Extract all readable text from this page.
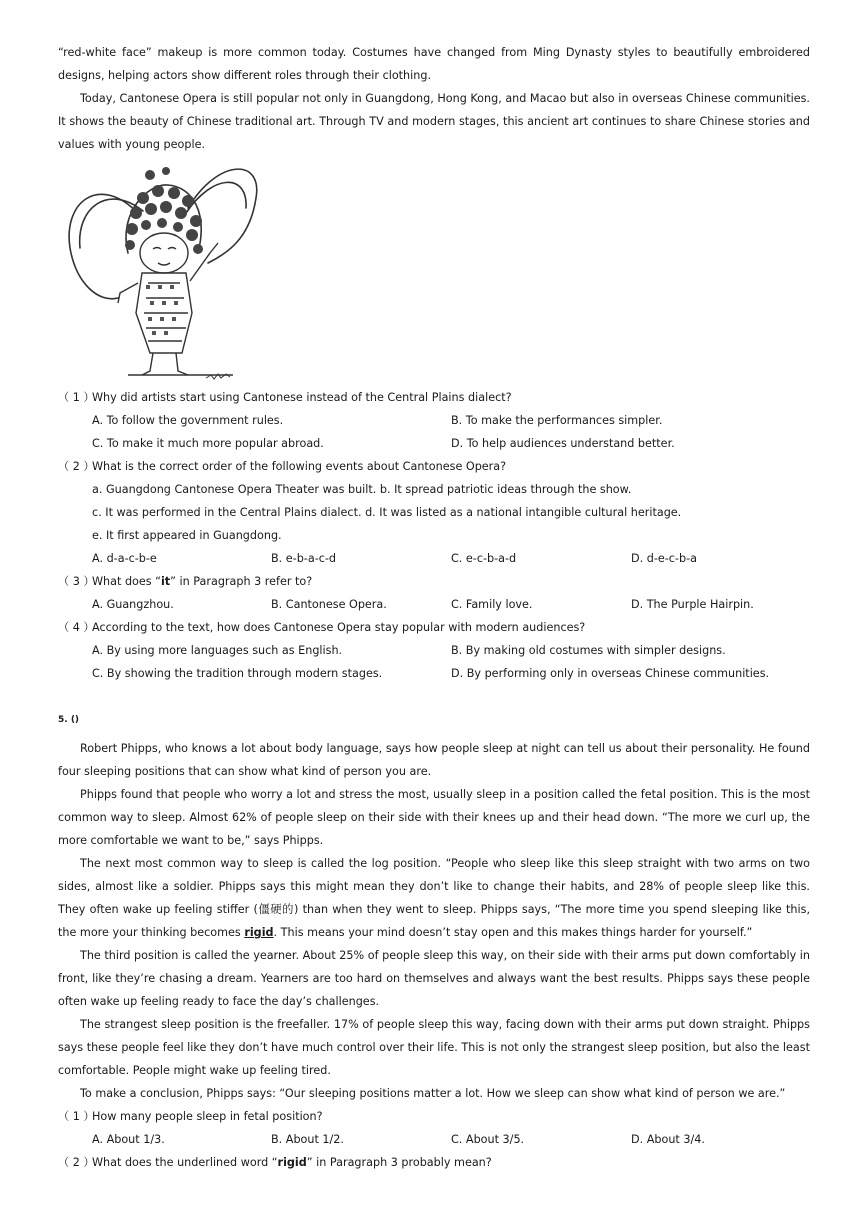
“red-white face” makeup is more common today. Costumes have changed from Ming Dynasty styles to beautifully embroidered designs, helping actors show different roles through their clothing.

Today, Cantonese Opera is still popular not only in Guangdong, Hong Kong, and Macao but also in overseas Chinese communities. It shows the beauty of Chinese traditional art. Through TV and modern stages, this ancient art continues to share Chinese stories and values with young people.

（ 1 ）Why did artists start using Cantonese instead of the Central Plains dialect?
A. To follow the government rules.	B. To make the performances simpler.
C. To make it much more popular abroad.	D. To help audiences understand better.
（ 2 ）What is the correct order of the following events about Cantonese Opera?
a. Guangdong Cantonese Opera Theater was built. b. It spread patriotic ideas through the show.
c. It was performed in the Central Plains dialect. d. It was listed as a national intangible cultural heritage.
e. It first appeared in Guangdong.
A. d-a-c-b-e	B. e-b-a-c-d	C. e-c-b-a-d	D. d-e-c-b-a
（ 3 ）What does “it” in Paragraph 3 refer to?
A. Guangzhou.	B. Cantonese Opera.	C. Family love.	D. The Purple Hairpin.
（ 4 ）According to the text, how does Cantonese Opera stay popular with modern audiences?
A. By using more languages such as English.	B. By making old costumes with simpler designs.
C. By showing the tradition through modern stages.	D. By performing only in overseas Chinese communities.
5. ()

Robert Phipps, who knows a lot about body language, says how people sleep at night can tell us about their personality. He found four sleeping positions that can show what kind of person you are.

Phipps found that people who worry a lot and stress the most, usually sleep in a position called the fetal position. This is the most common way to sleep. Almost 62% of people sleep on their side with their knees up and their head down. “The more we curl up, the more comfortable we want to be,” says Phipps.

The next most common way to sleep is called the log position. “People who sleep like this sleep straight with two arms on two sides, almost like a soldier. Phipps says this might mean they don’t like to change their habits, and 28% of people sleep like this. They often wake up feeling stiffer (僵硬的) than when they went to sleep. Phipps says, “The more time you spend sleeping like this, the more your thinking becomes rigid. This means your mind doesn’t stay open and this makes things harder for yourself.”

The third position is called the yearner. About 25% of people sleep this way, on their side with their arms put down comfortably in front, like they’re chasing a dream. Yearners are too hard on themselves and always want the best results. Phipps says these people often wake up feeling ready to face the day’s challenges.

The strangest sleep position is the freefaller. 17% of people sleep this way, facing down with their arms put down straight. Phipps says these people feel like they don’t have much control over their life. This is not only the strangest sleep position, but also the least comfortable. People might wake up feeling tired.

To make a conclusion, Phipps says: “Our sleeping positions matter a lot. How we sleep can show what kind of person we are.”

（ 1 ）How many people sleep in fetal position?
A. About 1/3.	B. About 1/2.	C. About 3/5.	D. About 3/4.
（ 2 ）What does the underlined word “rigid” in Paragraph 3 probably mean?
